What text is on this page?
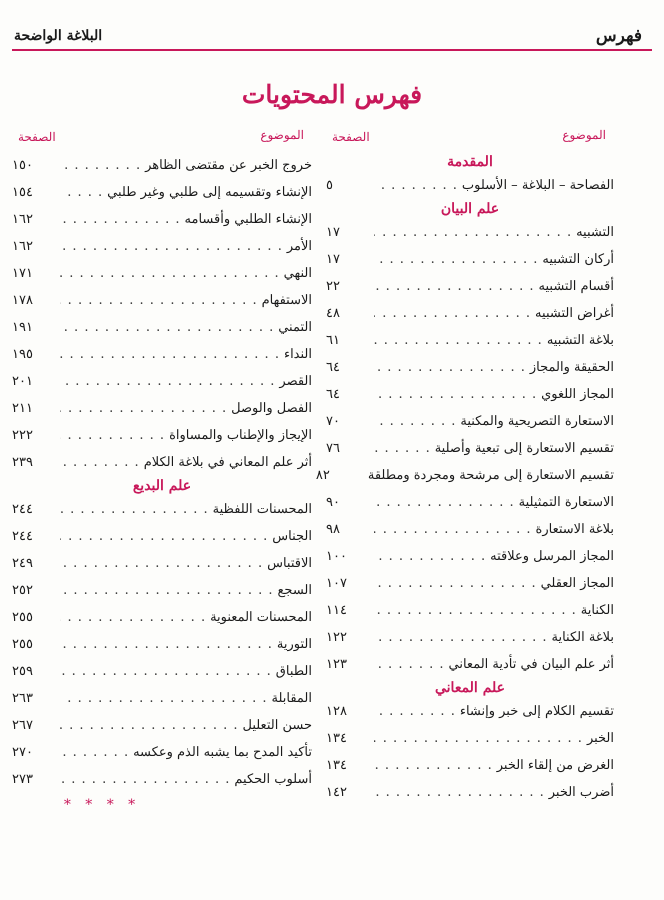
فهرس
البلاغة الواضحة
فهرس المحتويات
الموضوع
الصفحة
المقدمة
الفصاحة – البلاغة – الأسلوب
. . .
٥
علم البيان
التشبيه
. . .
١٧
أركان التشبيه
. . .
١٧
أقسام التشبيه
. . .
٢٢
أغراض التشبيه
. . .
٤٨
بلاغة التشبيه
. . .
٦١
الحقيقة والمجاز
. . .
٦٤
المجاز اللغوي
. . .
٦٤
الاستعارة التصريحية والمكنية
. . .
٧٠
تقسيم الاستعارة إلى تبعية وأصلية
. . .
٧٦
تقسيم الاستعارة إلى مرشحة ومجردة ومطلقة
٨٢
الاستعارة التمثيلية
. . .
٩٠
بلاغة الاستعارة
. . .
٩٨
المجاز المرسل وعلاقته
. . .
١٠٠
المجاز العقلي
. . .
١٠٧
الكناية
. . .
١١٤
بلاغة الكناية
. . .
١٢٢
أثر علم البيان في تأدية المعاني
. . .
١٢٣
علم المعاني
تقسيم الكلام إلى خبر وإنشاء
. . .
١٢٨
الخبر
. . .
١٣٤
الغرض من إلقاء الخبر
. . .
١٣٤
أضرب الخبر
. . .
١٤٢
الموضوع
الصفحة
خروج الخبر عن مقتضى الظاهر
. . .
١٥٠
الإنشاء وتقسيمه إلى طلبي وغير طلبي
. . .
١٥٤
الإنشاء الطلبي وأقسامه
. . .
١٦٢
الأمر
. . .
١٦٢
النهي
. . .
١٧١
الاستفهام
. . .
١٧٨
التمني
. . .
١٩١
النداء
. . .
١٩٥
القصر
. . .
٢٠١
الفصل والوصل
. . .
٢١١
الإيجاز والإطناب والمساواة
. . .
٢٢٢
أثر علم المعاني في بلاغة الكلام
. . .
٢٣٩
علم البديع
المحسنات اللفظية
. . .
٢٤٤
الجناس
. . .
٢٤٤
الاقتباس
. . .
٢٤٩
السجع
. . .
٢٥٢
المحسنات المعنوية
. . .
٢٥٥
التورية
. . .
٢٥٥
الطباق
. . .
٢٥٩
المقابلة
. . .
٢٦٣
حسن التعليل
. . .
٢٦٧
تأكيد المدح بما يشبه الذم وعكسه
. . .
٢٧٠
أسلوب الحكيم
. . .
٢٧٣
* * * *
